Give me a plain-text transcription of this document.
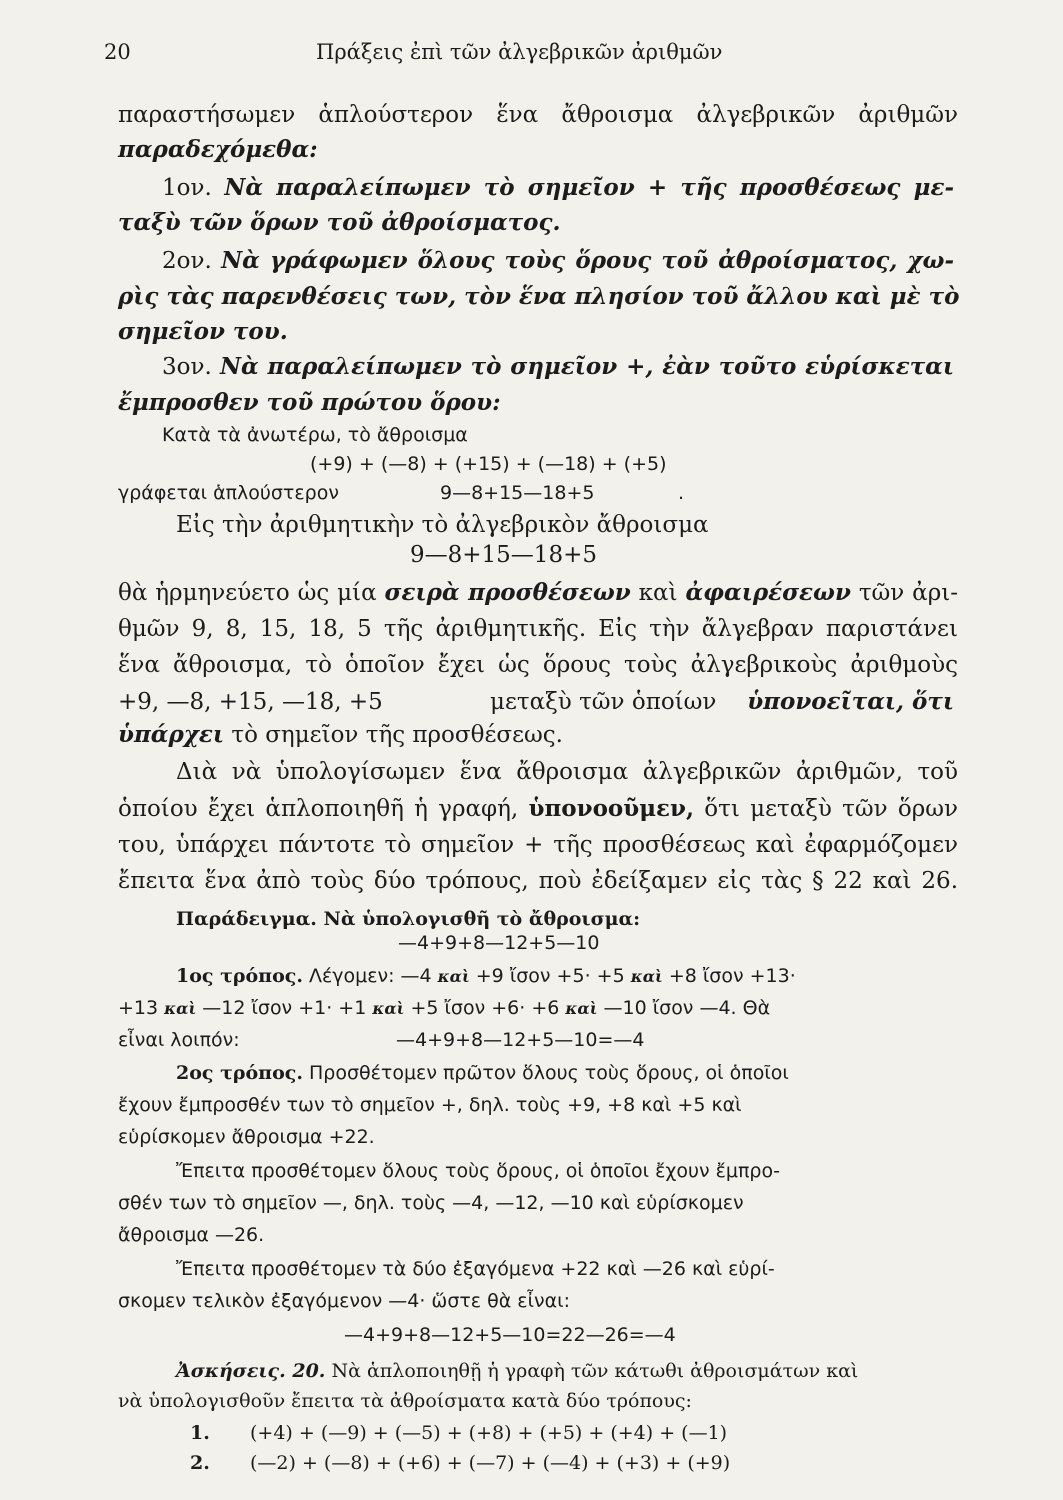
20	Πράξεις ἐπὶ τῶν ἀλγεβρικῶν ἀριθμῶν
παραστήσωμεν ἁπλούστερον ἕνα ἄθροισμα ἀλγεβρικῶν ἀριθμῶν
παραδεχόμεθα:
1ον. Νὰ παραλείπωμεν τὸ σημεῖον + τῆς προσθέσεως με-
ταξὺ τῶν ὅρων τοῦ ἀθροίσματος.
2ον. Νὰ γράφωμεν ὅλους τοὺς ὅρους τοῦ ἀθροίσματος, χω-
ρὶς τὰς παρενθέσεις των, τὸν ἕνα πλησίον τοῦ ἄλλου καὶ μὲ τὸ
σημεῖον του.
3ον. Νὰ παραλείπωμεν τὸ σημεῖον +, ἐὰν τοῦτο εὑρίσκεται
ἔμπροσθεν τοῦ πρώτου ὅρου:
Κατὰ τὰ ἀνωτέρω, τὸ ἄθροισμα
(+9) + (—8) + (+15) + (—18) + (+5)
γράφεται ἁπλούστερον	9—8+15—18+5	.
Εἰς τὴν ἀριθμητικὴν τὸ ἀλγεβρικὸν ἄθροισμα
9—8+15—18+5
θὰ ἡρμηνεύετο ὡς μία σειρὰ προσθέσεων καὶ ἀφαιρέσεων τῶν ἀρι-
θμῶν 9, 8, 15, 18, 5 τῆς ἀριθμητικῆς. Εἰς τὴν ἄλγεβραν παριστάνει
ἕνα ἄθροισμα, τὸ ὁποῖον ἔχει ὡς ὅρους τοὺς ἀλγεβρικοὺς ἀριθμοὺς
+9, —8, +15, —18, +5	μεταξὺ τῶν ὁποίων ὑπονοεῖται, ὅτι
ὑπάρχει τὸ σημεῖον τῆς προσθέσεως.
Διὰ νὰ ὑπολογίσωμεν ἕνα ἄθροισμα ἀλγεβρικῶν ἀριθμῶν, τοῦ
ὁποίου ἔχει ἁπλοποιηθῆ ἡ γραφή, ὑπονοοῦμεν, ὅτι μεταξὺ τῶν ὅρων
του, ὑπάρχει πάντοτε τὸ σημεῖον + τῆς προσθέσεως καὶ ἐφαρμόζομεν
ἔπειτα ἕνα ἀπὸ τοὺς δύο τρόπους, ποὺ ἐδείξαμεν εἰς τὰς § 22 καὶ 26.
Παράδειγμα. Νὰ ὑπολογισθῆ τὸ ἄθροισμα:
—4+9+8—12+5—10
1ος τρόπος. Λέγομεν: —4 καὶ +9 ἴσον +5· +5 καὶ +8 ἴσον +13·
+13 καὶ —12 ἴσον +1· +1 καὶ +5 ἴσον +6· +6 καὶ —10 ἴσον —4. Θὰ
εἶναι λοιπόν:	—4+9+8—12+5—10=—4
2ος τρόπος. Προσθέτομεν πρῶτον ὅλους τοὺς ὅρους, οἱ ὁποῖοι
ἔχουν ἔμπροσθέν των τὸ σημεῖον +, δηλ. τοὺς +9, +8 καὶ +5 καὶ
εὑρίσκομεν ἄθροισμα +22.
Ἔπειτα προσθέτομεν ὅλους τοὺς ὅρους, οἱ ὁποῖοι ἔχουν ἔμπρο-
σθέν των τὸ σημεῖον —, δηλ. τοὺς —4, —12, —10 καὶ εὑρίσκομεν
ἄθροισμα —26.
Ἔπειτα προσθέτομεν τὰ δύο ἐξαγόμενα +22 καὶ —26 καὶ εὑρί-
σκομεν τελικὸν ἐξαγόμενον —4· ὥστε θὰ εἶναι:
—4+9+8—12+5—10=22—26=—4
Ἀσκήσεις. 20. Νὰ ἁπλοποιηθῇ ἡ γραφὴ τῶν κάτωθι ἀθροισμάτων καὶ
νὰ ὑπολογισθοῦν ἔπειτα τὰ ἀθροίσματα κατὰ δύο τρόπους:
1. (+4) + (—9) + (—5) + (+8) + (+5) + (+4) + (—1)
2. (—2) + (—8) + (+6) + (—7) + (—4) + (+3) + (+9)
